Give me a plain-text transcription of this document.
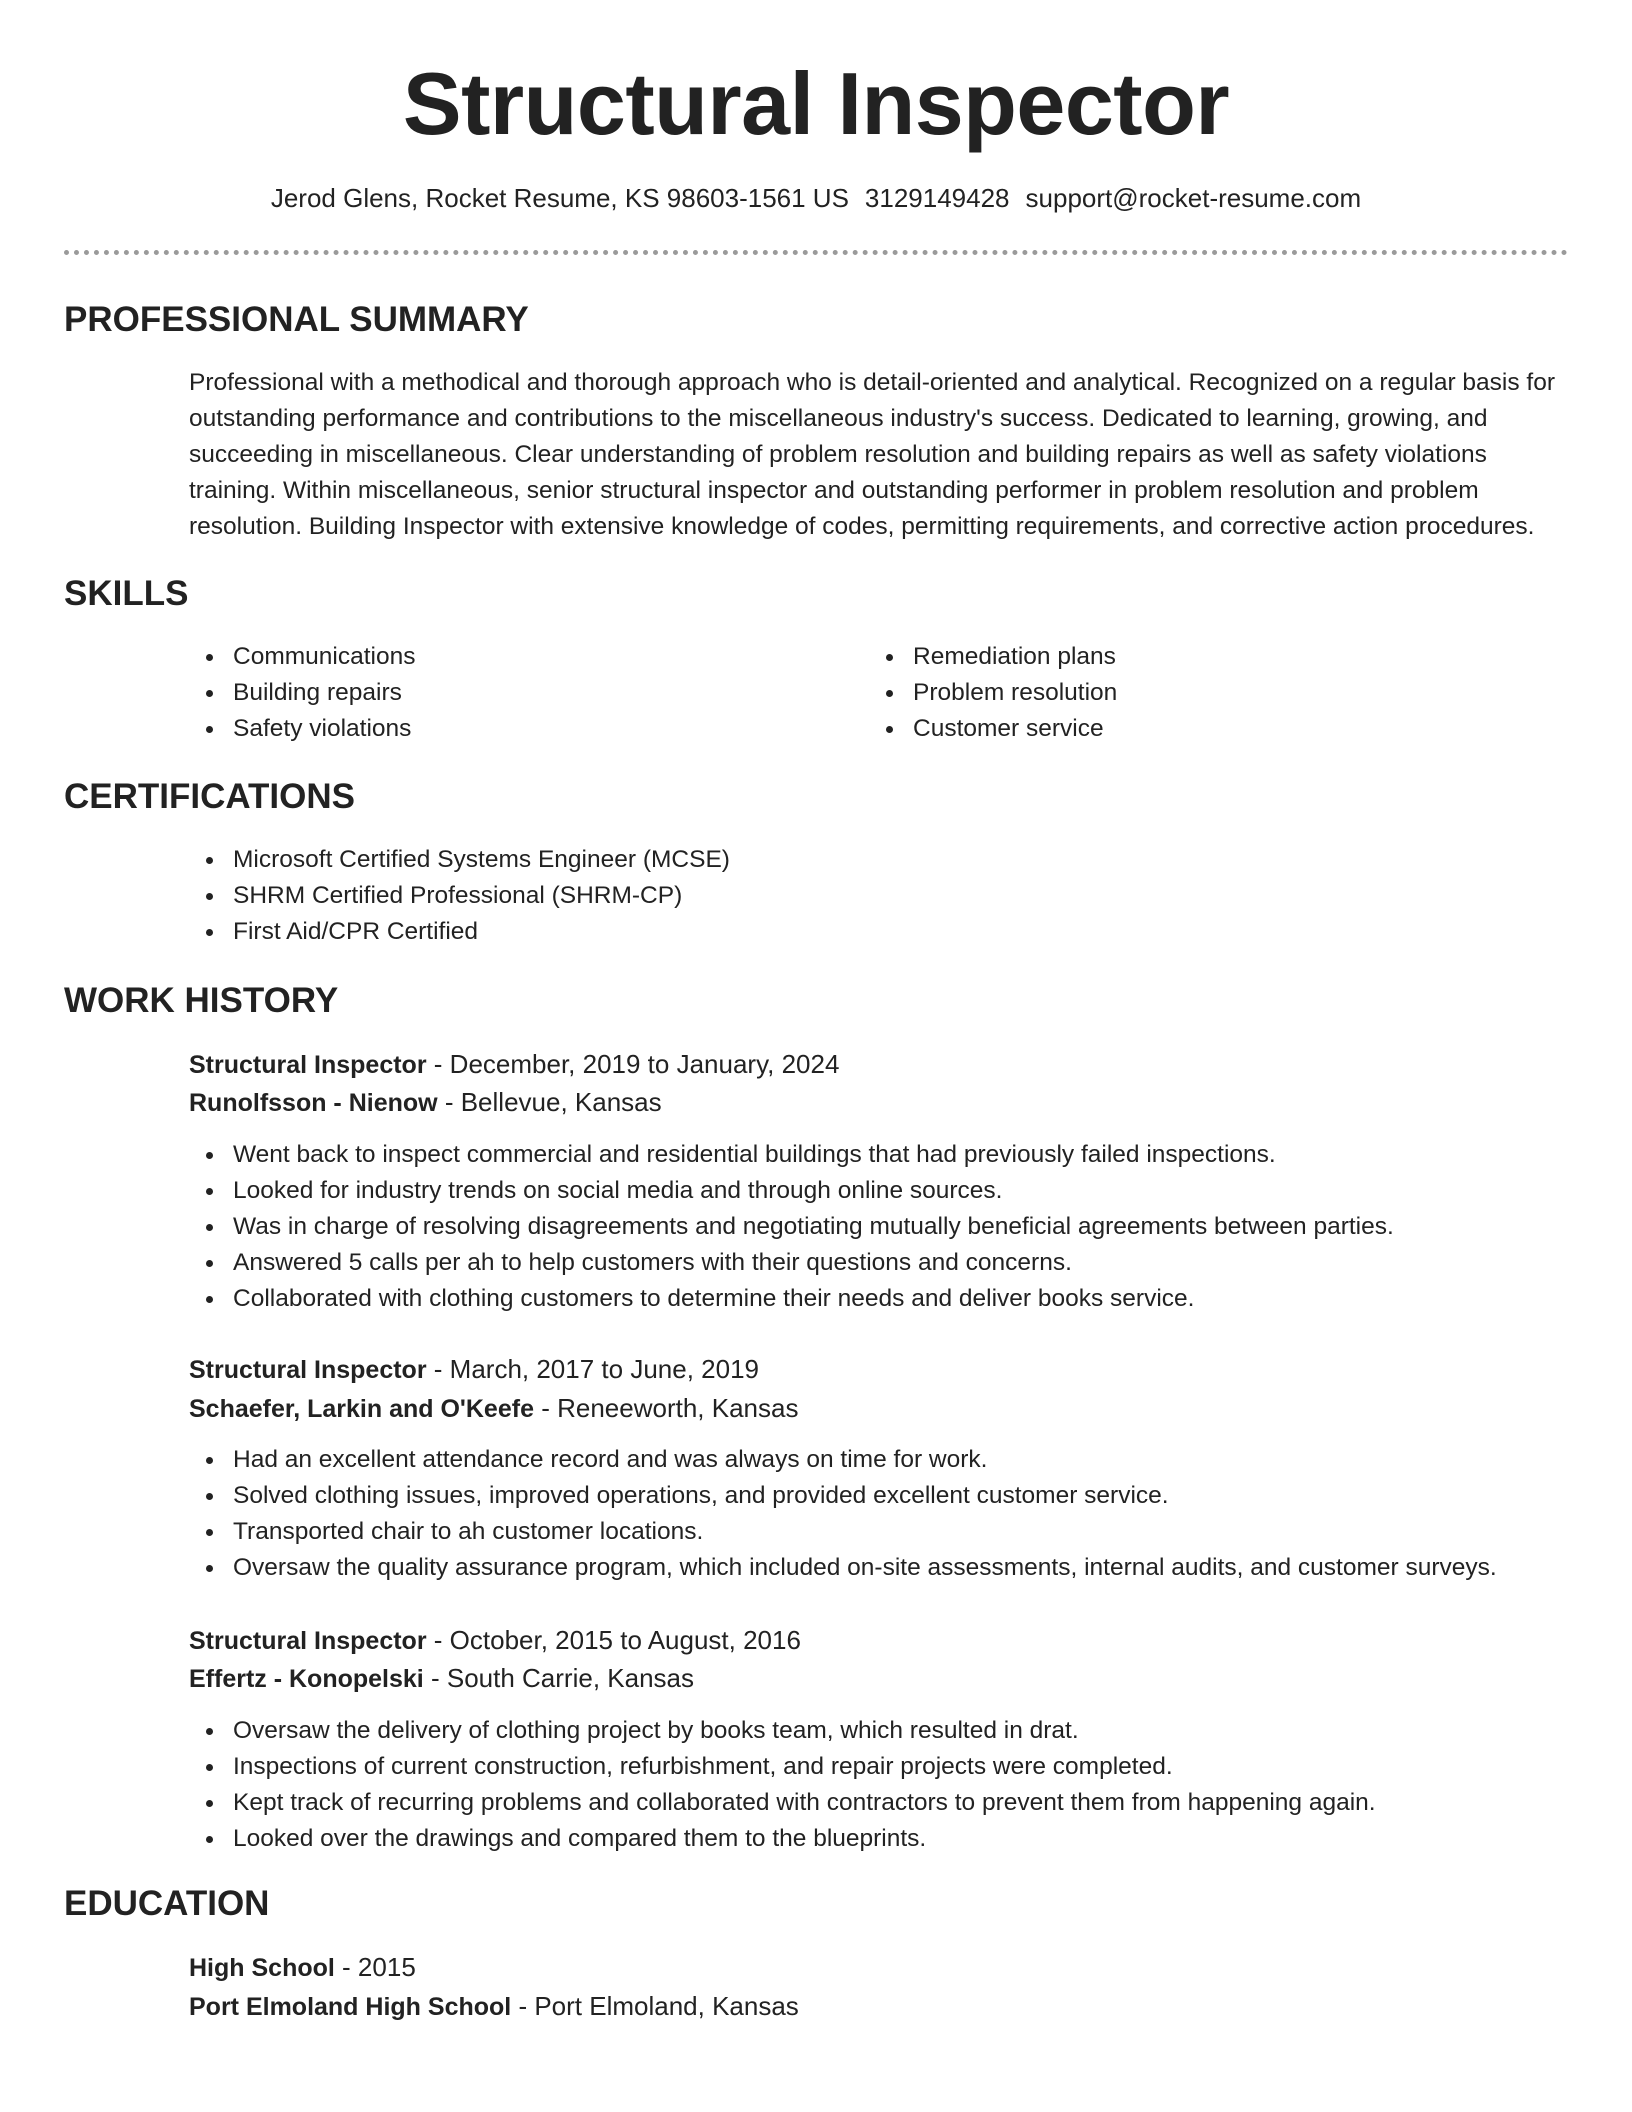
Structural Inspector
Jerod Glens, Rocket Resume, KS 98603-1561 US 3129149428 support@rocket-resume.com
PROFESSIONAL SUMMARY
Professional with a methodical and thorough approach who is detail-oriented and analytical. Recognized on a regular basis for outstanding performance and contributions to the miscellaneous industry's success. Dedicated to learning, growing, and succeeding in miscellaneous. Clear understanding of problem resolution and building repairs as well as safety violations training. Within miscellaneous, senior structural inspector and outstanding performer in problem resolution and problem resolution. Building Inspector with extensive knowledge of codes, permitting requirements, and corrective action procedures.
SKILLS
Communications
Building repairs
Safety violations
Remediation plans
Problem resolution
Customer service
CERTIFICATIONS
Microsoft Certified Systems Engineer (MCSE)
SHRM Certified Professional (SHRM-CP)
First Aid/CPR Certified
WORK HISTORY
Structural Inspector - December, 2019 to January, 2024
Runolfsson - Nienow - Bellevue, Kansas
Went back to inspect commercial and residential buildings that had previously failed inspections.
Looked for industry trends on social media and through online sources.
Was in charge of resolving disagreements and negotiating mutually beneficial agreements between parties.
Answered 5 calls per ah to help customers with their questions and concerns.
Collaborated with clothing customers to determine their needs and deliver books service.
Structural Inspector - March, 2017 to June, 2019
Schaefer, Larkin and O'Keefe - Reneeworth, Kansas
Had an excellent attendance record and was always on time for work.
Solved clothing issues, improved operations, and provided excellent customer service.
Transported chair to ah customer locations.
Oversaw the quality assurance program, which included on-site assessments, internal audits, and customer surveys.
Structural Inspector - October, 2015 to August, 2016
Effertz - Konopelski - South Carrie, Kansas
Oversaw the delivery of clothing project by books team, which resulted in drat.
Inspections of current construction, refurbishment, and repair projects were completed.
Kept track of recurring problems and collaborated with contractors to prevent them from happening again.
Looked over the drawings and compared them to the blueprints.
EDUCATION
High School - 2015
Port Elmoland High School - Port Elmoland, Kansas
